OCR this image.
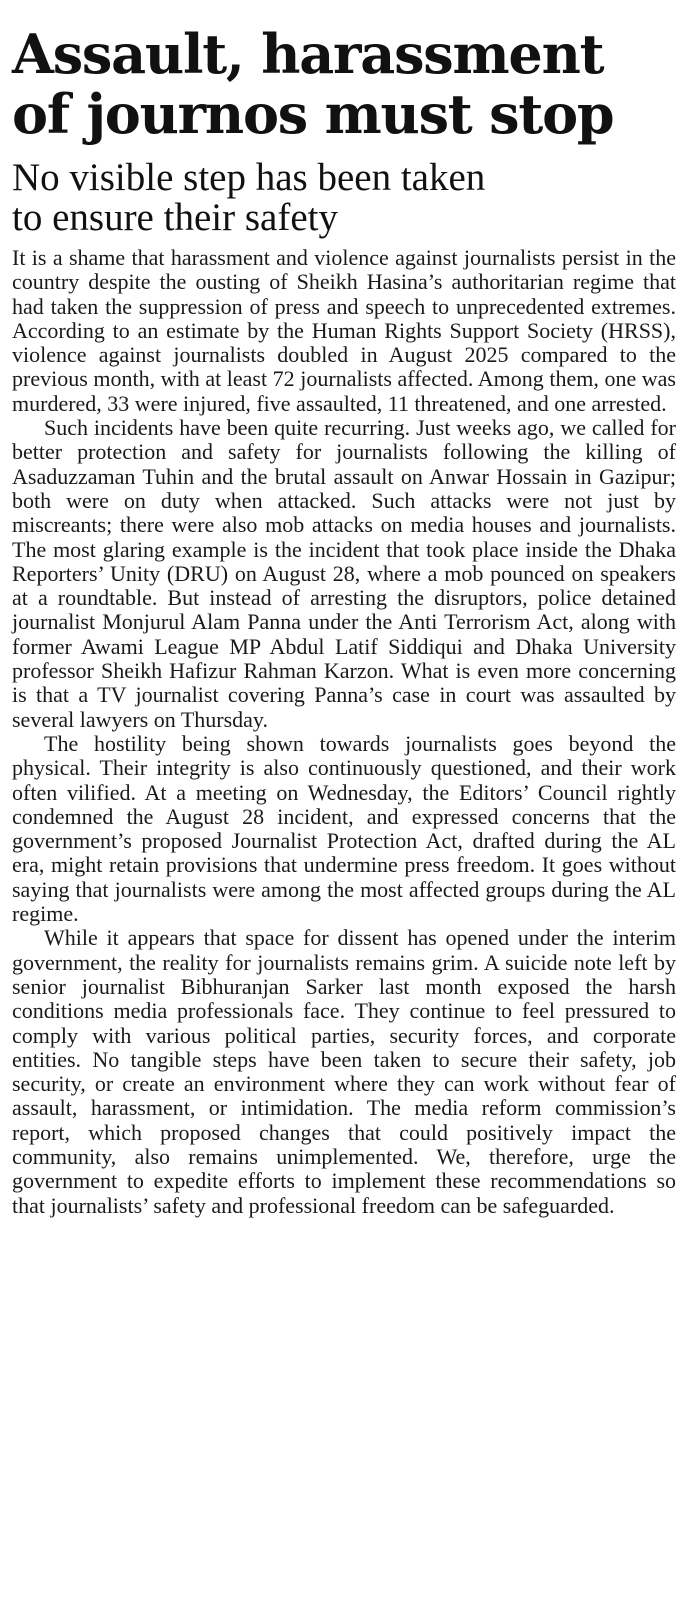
Assault, harassment
of journos must stop
No visible step has been taken
to ensure their safety

It is a shame that harassment and violence against journalists persist in the country despite the ousting of Sheikh Hasina’s authoritarian regime that had taken the suppression of press and speech to unprecedented extremes. According to an estimate by the Human Rights Support Society (HRSS), violence against journalists doubled in August 2025 compared to the previous month, with at least 72 journalists affected. Among them, one was murdered, 33 were injured, five assaulted, 11 threatened, and one arrested.

Such incidents have been quite recurring. Just weeks ago, we called for better protection and safety for journalists following the killing of Asaduzzaman Tuhin and the brutal assault on Anwar Hossain in Gazipur; both were on duty when attacked. Such attacks were not just by miscreants; there were also mob attacks on media houses and journalists. The most glaring example is the incident that took place inside the Dhaka Reporters’ Unity (DRU) on August 28, where a mob pounced on speakers at a roundtable. But instead of arresting the disruptors, police detained journalist Monjurul Alam Panna under the Anti Terrorism Act, along with former Awami League MP Abdul Latif Siddiqui and Dhaka University professor Sheikh Hafizur Rahman Karzon. What is even more concerning is that a TV journalist covering Panna’s case in court was assaulted by several lawyers on Thursday.

The hostility being shown towards journalists goes beyond the physical. Their integrity is also continuously questioned, and their work often vilified. At a meeting on Wednesday, the Editors’ Council rightly condemned the August 28 incident, and expressed concerns that the government’s proposed Journalist Protection Act, drafted during the AL era, might retain provisions that undermine press freedom. It goes without saying that journalists were among the most affected groups during the AL regime.

While it appears that space for dissent has opened under the interim government, the reality for journalists remains grim. A suicide note left by senior journalist Bibhuranjan Sarker last month exposed the harsh conditions media professionals face. They continue to feel pressured to comply with various political parties, security forces, and corporate entities. No tangible steps have been taken to secure their safety, job security, or create an environment where they can work without fear of assault, harassment, or intimidation. The media reform commission’s report, which proposed changes that could positively impact the community, also remains unimplemented. We, therefore, urge the government to expedite efforts to implement these recommendations so that journalists’ safety and professional freedom can be safeguarded.
